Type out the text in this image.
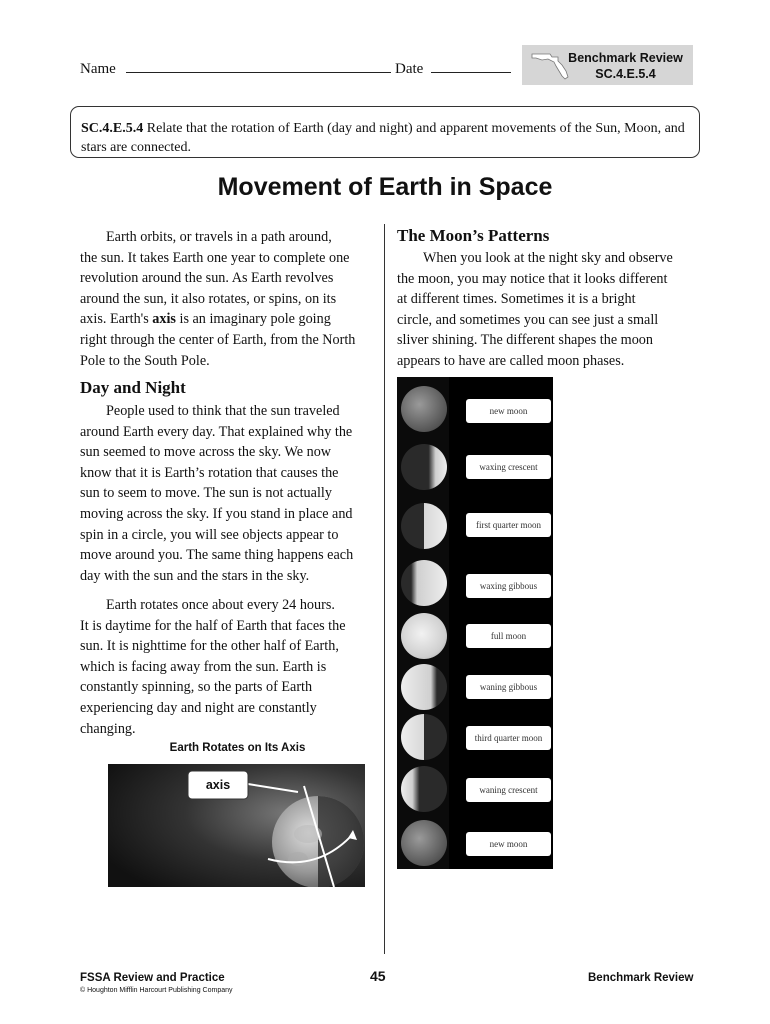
Name	Date
Benchmark Review
SC.4.E.5.4
SC.4.E.5.4 Relate that the rotation of Earth (day and night) and apparent movements of the Sun, Moon, and stars are connected.
Movement of Earth in Space
Earth orbits, or travels in a path around,
the sun. It takes Earth one year to complete one
revolution around the sun. As Earth revolves
around the sun, it also rotates, or spins, on its
axis. Earth's axis is an imaginary pole going
right through the center of Earth, from the North
Pole to the South Pole.
Day and Night
People used to think that the sun traveled
around Earth every day. That explained why the
sun seemed to move across the sky. We now
know that it is Earth’s rotation that causes the
sun to seem to move. The sun is not actually
moving across the sky. If you stand in place and
spin in a circle, you will see objects appear to
move around you. The same thing happens each
day with the sun and the stars in the sky.
Earth rotates once about every 24 hours.
It is daytime for the half of Earth that faces the
sun. It is nighttime for the other half of Earth,
which is facing away from the sun. Earth is
constantly spinning, so the parts of Earth
experiencing day and night are constantly
changing.
Earth Rotates on Its Axis
axis
The Moon’s Patterns
When you look at the night sky and observe
the moon, you may notice that it looks different
at different times. Sometimes it is a bright
circle, and sometimes you can see just a small
sliver shining. The different shapes the moon
appears to have are called moon phases.
new moon
waxing crescent
first quarter moon
waxing gibbous
full moon
waning gibbous
third quarter moon
waning crescent
new moon
FSSA Review and Practice
© Houghton Mifflin Harcourt Publishing Company
45	Benchmark Review
